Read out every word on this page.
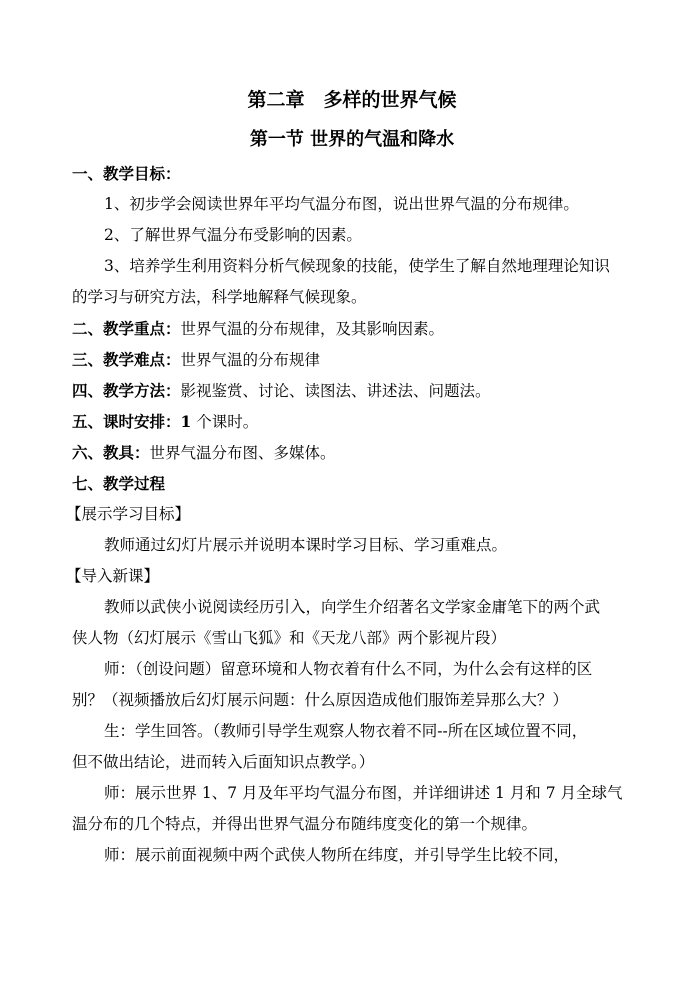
第二章　多样的世界气候
第一节 世界的气温和降水
一、教学目标：
1、初步学会阅读世界年平均气温分布图，说出世界气温的分布规律。
2、了解世界气温分布受影响的因素。
3、培养学生利用资料分析气候现象的技能，使学生了解自然地理理论知识
的学习与研究方法，科学地解释气候现象。
二、教学重点：世界气温的分布规律，及其影响因素。
三、教学难点：世界气温的分布规律
四、教学方法：影视鉴赏、讨论、读图法、讲述法、问题法。
五、课时安排：1 个课时。
六、教具：世界气温分布图、多媒体。
七、教学过程
【展示学习目标】
教师通过幻灯片展示并说明本课时学习目标、学习重难点。
【导入新课】
教师以武侠小说阅读经历引入，向学生介绍著名文学家金庸笔下的两个武
侠人物（幻灯展示《雪山飞狐》和《天龙八部》两个影视片段）
师：（创设问题）留意环境和人物衣着有什么不同，为什么会有这样的区
别？（视频播放后幻灯展示问题：什么原因造成他们服饰差异那么大？）
生：学生回答。（教师引导学生观察人物衣着不同--所在区域位置不同，
但不做出结论，进而转入后面知识点教学。）
师：展示世界 1、7 月及年平均气温分布图，并详细讲述 1 月和 7 月全球气
温分布的几个特点，并得出世界气温分布随纬度变化的第一个规律。
师：展示前面视频中两个武侠人物所在纬度，并引导学生比较不同，
